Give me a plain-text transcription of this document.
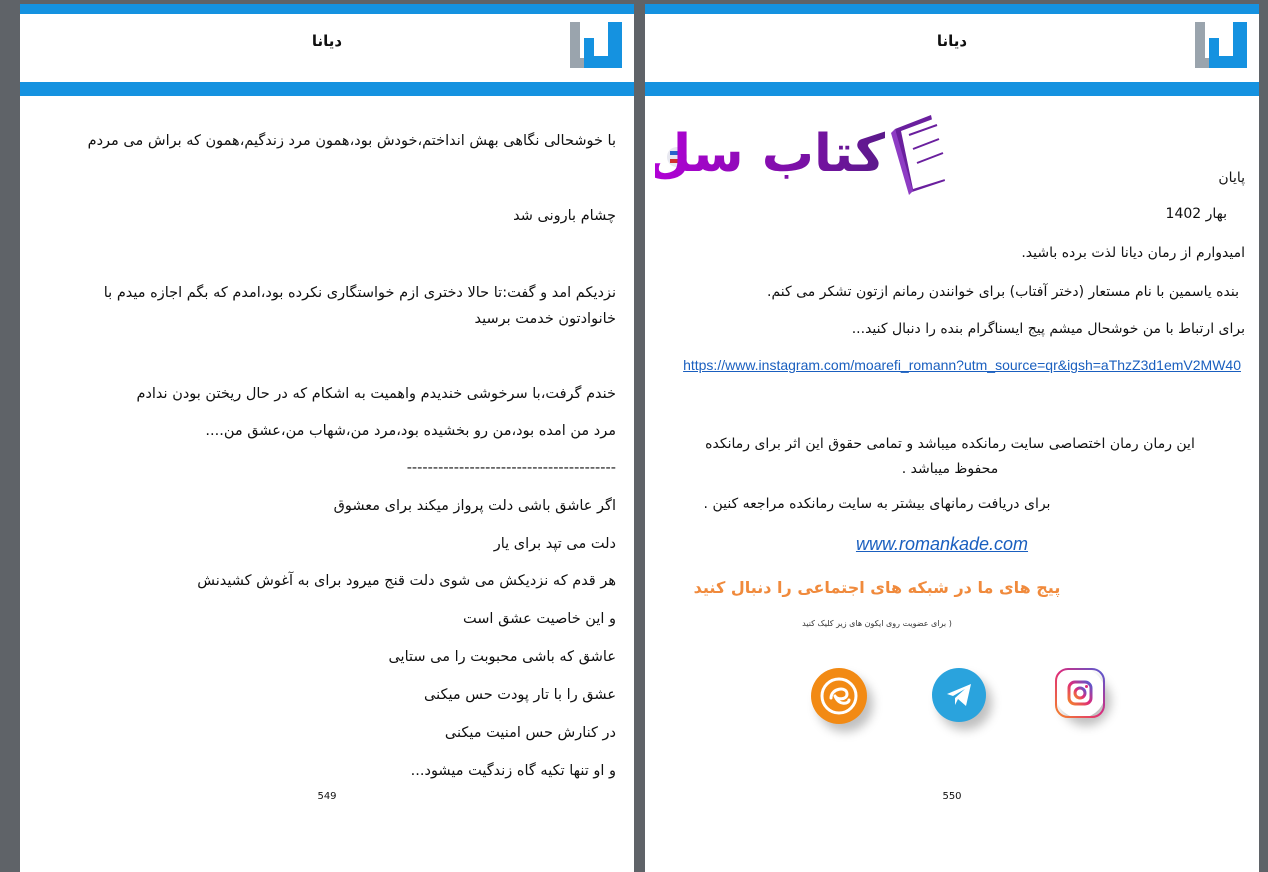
دیانا
با خوشحالی نگاهی بهش انداختم،خودش بود،همون مرد زندگیم،همون که براش می مردم
چشام بارونی شد
نزدیکم امد و گفت:تا حالا دختری ازم خواستگاری نکرده بود،امدم که بگم اجازه میدم با خانوادتون خدمت برسید
خندم گرفت،با سرخوشی خندیدم واهمیت به اشکام که در حال ریختن بودن ندادم
مرد من امده بود،من رو بخشیده بود،مرد من،شهاب من،عشق من....
----------------------------------------
اگر عاشق باشی دلت پرواز میکند برای معشوق
دلت می تپد برای یار
هر قدم که نزدیکش می شوی دلت قنج میرود برای به آغوش کشیدنش
و این خاصیت عشق است
عاشق که باشی محبوبت را می ستایی
عشق را با تار پودت حس میکنی
در کنارش حس امنیت میکنی
و او تنها تکیه گاه زندگیت میشود...
549
دیانا
کتاب سل	پایان
بهار 1402
امیدوارم از رمان دیانا لذت برده باشید.
بنده یاسمین با نام مستعار (دختر آفتاب) برای خوانندن رمانم ازتون تشکر می کنم.
برای ارتباط با من خوشحال میشم پیج ایسناگرام بنده را دنبال کنید...
https://www.instagram.com/moarefi_romann?utm_source=qr&igsh=aThzZ3d1emV2MW40
این رمان رمان اختصاصی سایت رمانکده میباشد و تمامی حقوق این اثر برای رمانکده محفوظ میباشد .
برای دریافت رمانهای بیشتر به سایت رمانکده مراجعه کنین .
www.romankade.com
پیج های ما در شبکه های اجتماعی را دنبال کنید
( برای عضویت روی ایکون های زیر کلیک کنید
550
